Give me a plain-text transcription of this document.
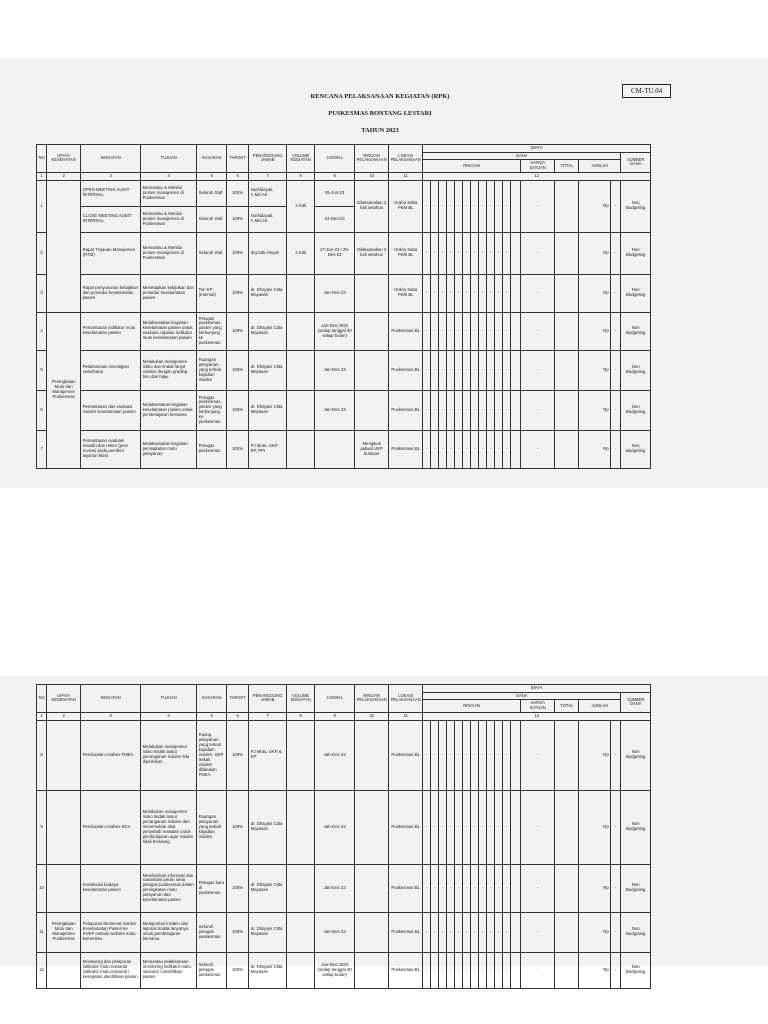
CM-TU.04
RENCANA PELAKSANAAN KEGIATAN (RPK)
PUSKESMAS BONTANG LESTARI
TAHUN 2023
NO	UPAYA KESEHATAN	KEGIATAN	TUJUAN	SASARAN	TARGET	PENANGGUNG JAWAB	VOLUME KEGIATAN	JADWAL	RINCIAN PELAKSANAAN	LOKASI PELAKSANAAN	BIAYA																
											DANA																SUMBER DANA
											RINCIAN												HARGA SATUAN	TOTAL	JUMLAH		
1	2	3	4	5	6	7	8	9	10	11	12																
1		OPEN MEETING AUDIT INTERNAL	Memantau & Menilai proses manajemen di Puskesmas	Seluruh Staf	100%	Nurhidayati, A.Md.AK	2 Kali	05-Jun-23	Dilaksanakan 2 kali setahun	Graha Saba PKM BL	-	-	-	-	-	-	-	-	-	-	-		-		Rp	-	Non Budgeting
		CLOSE MEETING AUDIT INTERNAL	Memantau & Menilai proses manajemen di Puskesmas	Seluruh Staf	100%	Nurhidayati, A.Md.AK		04-Des-23																			
2		Rapat Tinjauan Manajemen (RTM)	Memantau & Menilai proses manajemen di Puskesmas	Seluruh Staf	100%	drg.Sitti Aisyah	2 Kali	27-Jun-23 / 25-Des-23	Dilaksanakan 2 kali setahun	Graha Saba PKM BL	-	-	-	-	-	-	-	-	-	-	-		-		Rp	-	Non Budgeting
3		Rapat penyusunan kebijakan dan prosedur keselamatan pasien	Menetapkan kebijakan dan prosedur keselamatan pasien	Tim KP (Internal)	100%	dr. Dhayani Citta Mayasari		Jan-Des 23		Graha Saba PKM BL	-	-	-	-	-	-	-	-	-	-	-		-		Rp	-	Non Budgeting
4	Peningkatan Mutu dan Manajemen Puskesmas	Pemantauan indikator mutu keselamatan pasien	Melaksanakan kegiatan keselamatan pasien untuk evaluasi capaian indikator mutu keselamatan pasien	Petugas puskesmas, pasien yang berkunjung ke puskesmas	100%	dr. Dhayani Citta Mayasari		Jan-Des 2023 (setiap tanggal 30 setiap bulan)		Puskesmas BL	-	-	-	-	-	-	-	-	-	-	-		-		Rp	-	Non Budgeting
5		Pelaksanaan investigasi sederhana	Melakukan manajemen risiko dan tindak lanjut insiden dengan grading biru dan hijau	Ruangan pelayanan yang terkait kejadian insiden	100%	dr. Dhayani Citta Mayasari		Jan-Des 23		Puskesmas BL	-	-	-	-	-	-	-	-	-	-	-		-		Rp	-	Non Budgeting
6		Pemantauan dan evaluasi insiden keselamatan pasien	Melaksanakan kegiatan keselamatan pasien untuk pembelajaran bersama	Petugas puskesmas, pasien yang berkunjung ke puskesmas	100%	dr. Dhayani Citta Mayasari		Jan-Des 23		Puskesmas BL	-	-	-	-	-	-	-	-	-	-	-		-		Rp	-	Non Budgeting
7		Pemantauan evaluasi mandiri dan reken (peer review) pada pemberi layanan klinis	Melaksanakan kegiatan peningkatan mutu pelayanan	Petugas puskesmas	100%	PJ Mutu, UKP, KP, PPI			Mengikuti jadwal UKP bulanan	Puskesmas BL	-	-	-	-	-	-	-	-	-	-	-		-		Rp	-	Non Budgeting
NO	UPAYA KESEHATAN	KEGIATAN	TUJUAN	SASARAN	TARGET	PENANGGUNG JAWAB	VOLUME KEGIATAN	JADWAL	RINCIAN PELAKSANAAN	LOKASI PELAKSANAAN	BIAYA																
											DANA																SUMBER DANA
											RINCIAN												HARGA SATUAN	TOTAL	JUMLAH		
1	2	3	4	5	6	7	8	9	10	11	12																
8		Pembuatan Analisis FMEA	Melakukan manajemen risiko tindak lanjut penanganan insiden bila diperlukan	Ruang pelayanan yang terkait kejadian insiden, SDP terkait insiden dilakukan FMEA	100%	PJ Mutu, UKP & KP		Jan-Des 23		Puskesmas BL	-	-	-	-	-	-	-	-	-	-	-		-		Rp	-	Non Budgeting
9		Pembuatan Analisis RCA	Melakukan manajemen risiko tindak lanjut penanganan insiden dan menemukan akar penyebab masalah untuk pembelajaran agar insiden tidak berulang	Ruangan pelayanan yang terkait kejadian insiden	100%	dr. Dhayani Citta Mayasari		Jan-Des 23		Puskesmas BL	-	-	-	-	-	-	-	-	-	-	-		-		Rp	-	Non Budgeting
10		Sosialisasi budaya keselamatan pasien	Memberikan informasi dan sosialisasi peran serta petugas puskesmas dalam peningkatan mutu pelayanan dan keselamatan pasien	Petugas baru di puskesmas	100%	dr. Dhayani Citta Mayasari		Jan-Des 23		Puskesmas BL	-	-	-	-	-	-	-	-	-	-	-		-		Rp	-	Non Budgeting
11	Peningkatan Mutu dan Manajemen Puskesmas	Pelaporan Eksternal Insiden Keselamatan Pasien ke KNKP melalui website mutu kemenkes	Melaporkan insiden dan laporan tindak lanjutnya untuk pembelajaran bersama	Seluruh petugas puskesmas	100%	dr. Dhayani Citta Mayasari		Jan-Des 23		Puskesmas BL	-	-	-	-	-	-	-	-	-	-	-		-		Rp	-	Non Budgeting
12		Monitoring dan pelaporan indikator mutu nasional indikator mutu nasional / kesepatan identifikasi pasien	Memantau pelaksanaan monitoring indikator mutu nasional / identifikasi pasien	Seluruh petugas puskesmas	100%	dr. Dhayani Citta Mayasari		Jan-Des 2023 (setiap tanggal 30 setiap bulan)		Puskesmas BL	-	-	-	-	-	-	-	-	-	-	-		-		Rp	-	Non Budgeting
